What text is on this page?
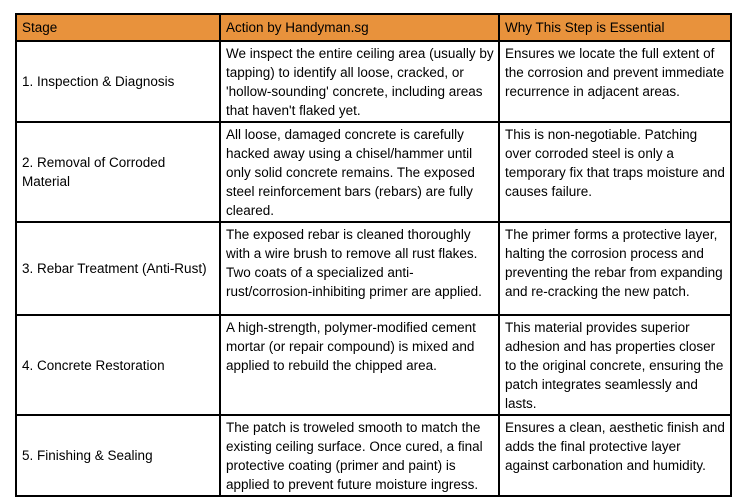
Stage	Action by Handyman.sg	Why This Step is Essential
1. Inspection & Diagnosis	We inspect the entire ceiling area (usually by tapping) to identify all loose, cracked, or 'hollow-sounding' concrete, including areas that haven't flaked yet.	Ensures we locate the full extent of the corrosion and prevent immediate recurrence in adjacent areas.
2. Removal of Corroded Material	All loose, damaged concrete is carefully hacked away using a chisel/hammer until only solid concrete remains. The exposed steel reinforcement bars (rebars) are fully cleared.	This is non-negotiable. Patching over corroded steel is only a temporary fix that traps moisture and causes failure.
3. Rebar Treatment (Anti-Rust)	The exposed rebar is cleaned thoroughly with a wire brush to remove all rust flakes. Two coats of a specialized anti-rust/corrosion-inhibiting primer are applied.	The primer forms a protective layer, halting the corrosion process and preventing the rebar from expanding and re-cracking the new patch.
4. Concrete Restoration	A high-strength, polymer-modified cement mortar (or repair compound) is mixed and applied to rebuild the chipped area.	This material provides superior adhesion and has properties closer to the original concrete, ensuring the patch integrates seamlessly and lasts.
5. Finishing & Sealing	The patch is troweled smooth to match the existing ceiling surface. Once cured, a final protective coating (primer and paint) is applied to prevent future moisture ingress.	Ensures a clean, aesthetic finish and adds the final protective layer against carbonation and humidity.
